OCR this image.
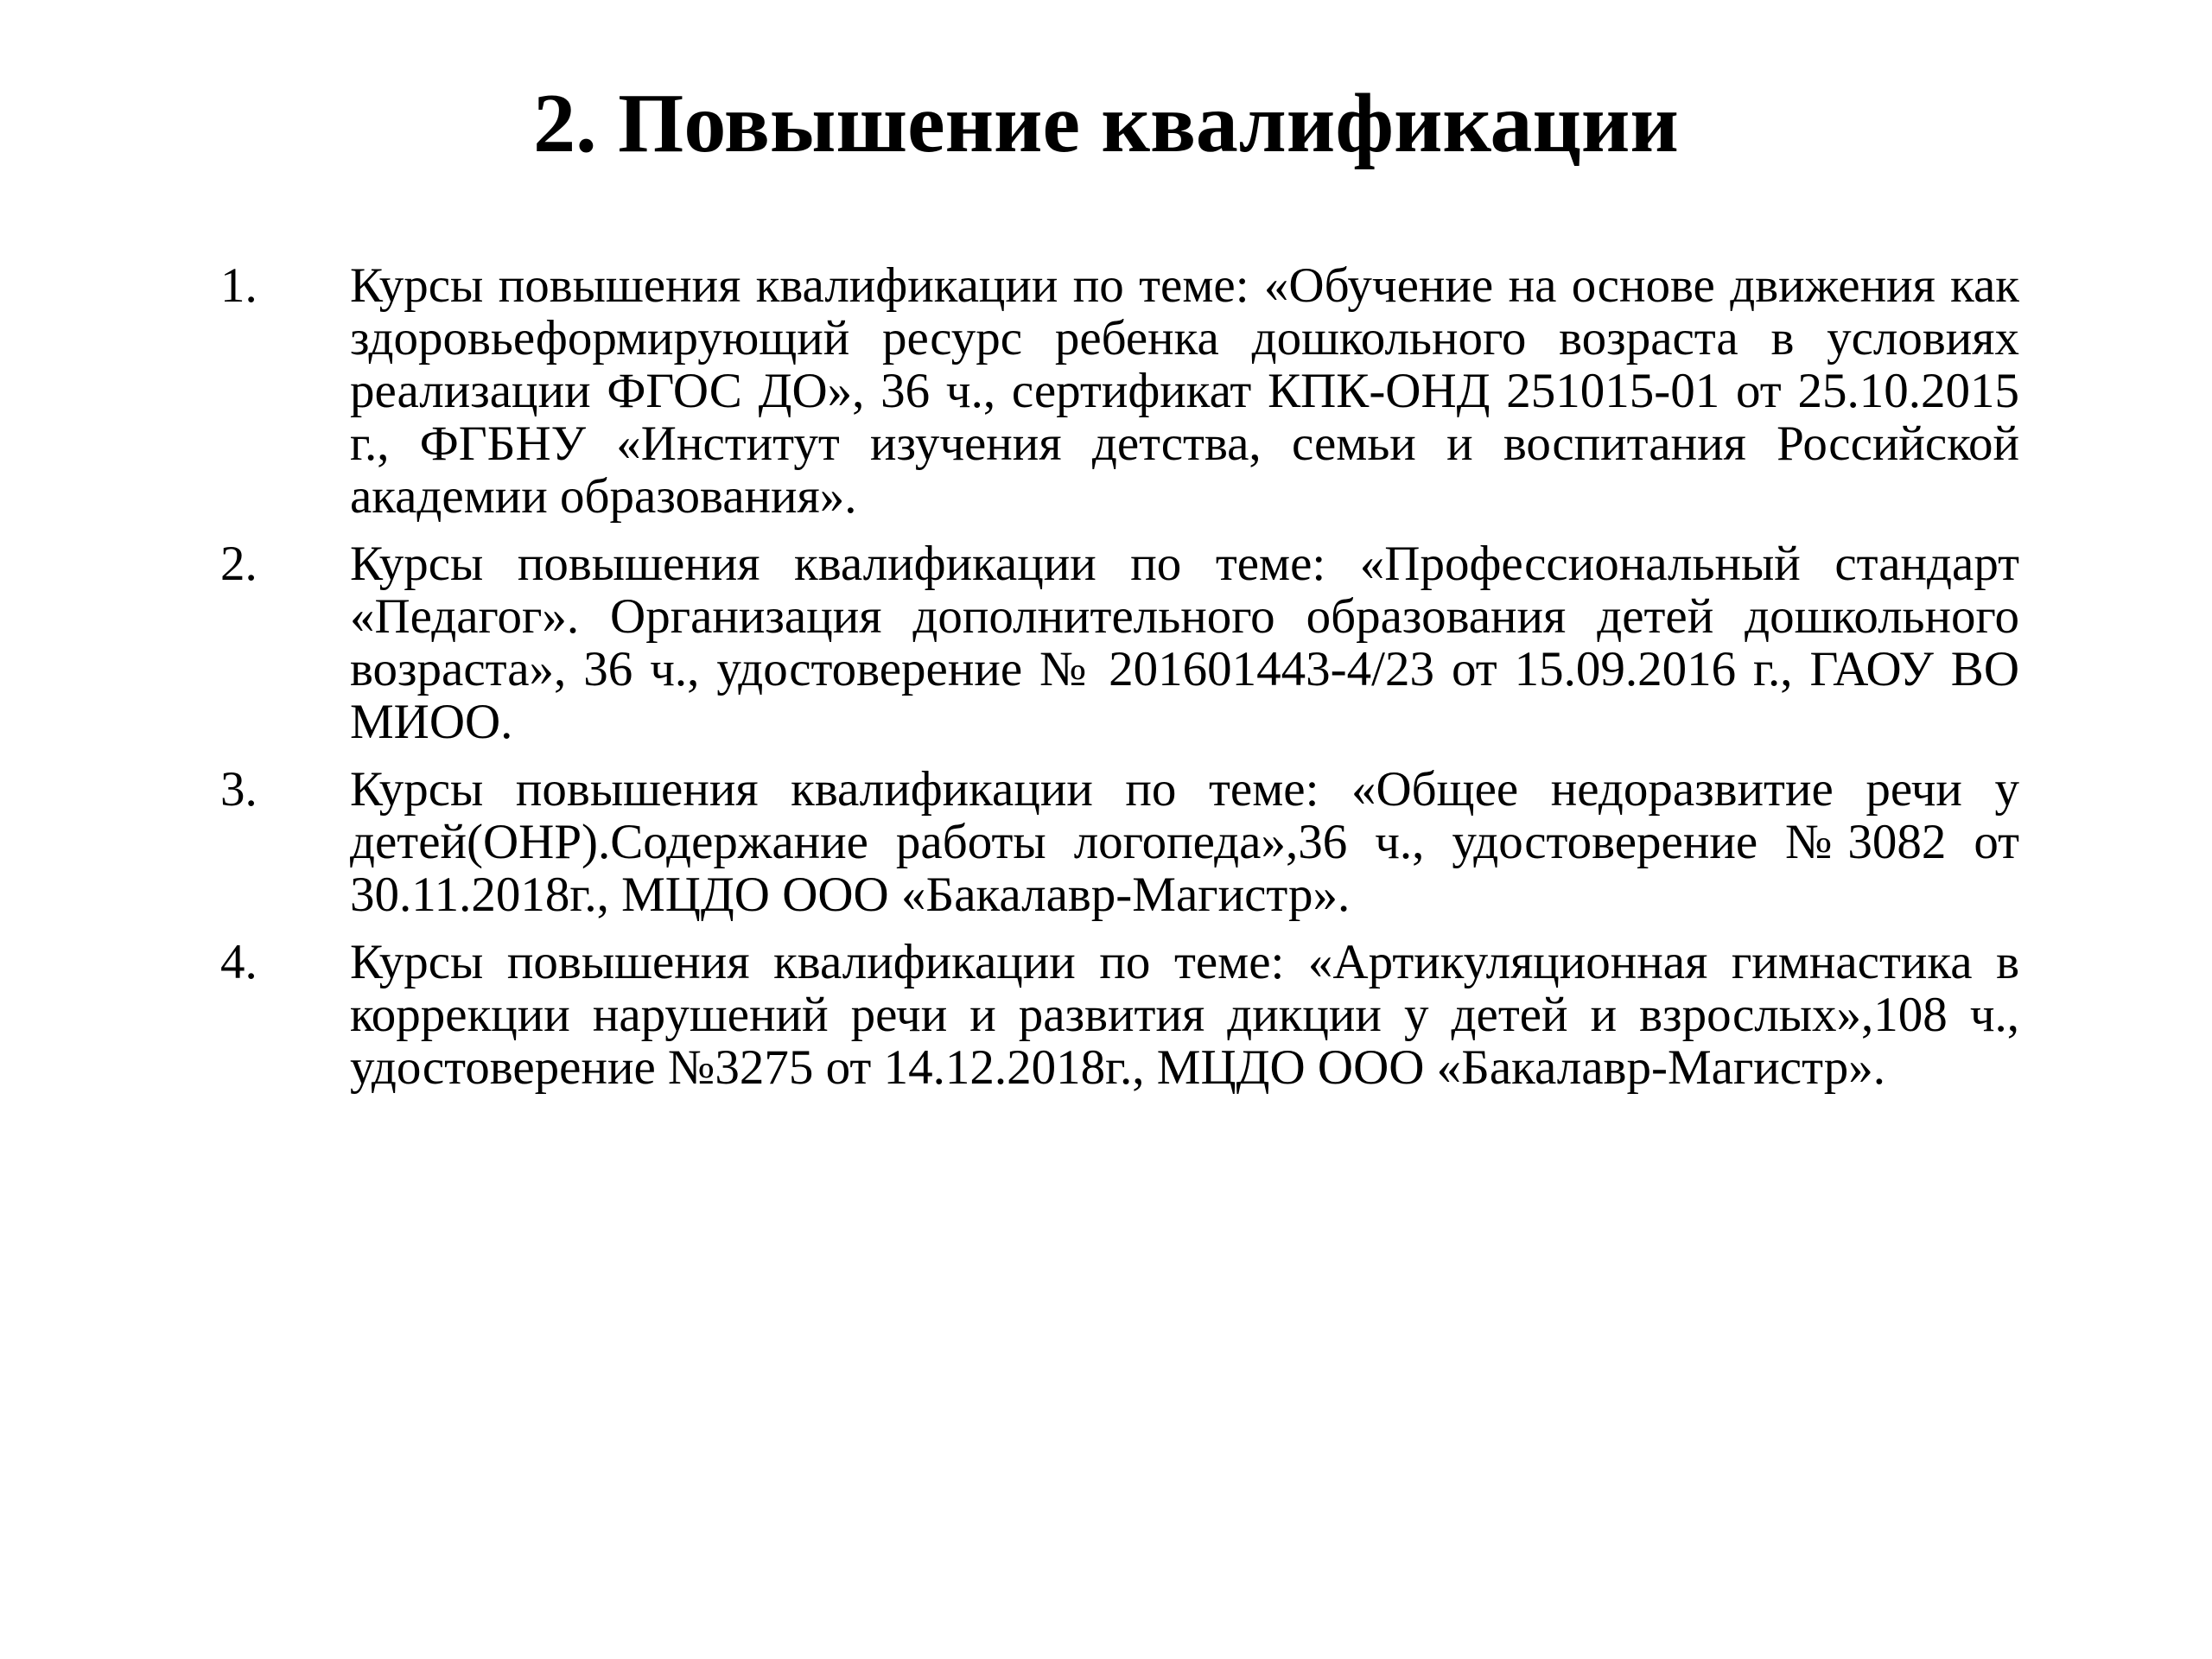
2. Повышение квалификации
1.	Курсы повышения квалификации по теме: «Обучение на основе движения как здоровьеформирующий ресурс ребенка дошкольного возраста в условиях реализации ФГОС ДО», 36 ч., сертификат КПК-ОНД 251015-01 от 25.10.2015 г., ФГБНУ «Институт изучения детства, семьи и воспитания Российской академии образования».
2.	Курсы повышения квалификации по теме: «Профессиональный стандарт «Педагог». Организация дополнительного образования детей дошкольного возраста», 36 ч., удостоверение № 201601443-4/23 от 15.09.2016 г., ГАОУ ВО МИОО.
3.	Курсы повышения квалификации по теме: «Общее недоразвитие речи у детей(ОНР).Содержание работы логопеда»,36 ч., удостоверение №3082 от 30.11.2018г., МЦДО ООО «Бакалавр-Магистр».
4.	Курсы повышения квалификации по теме: «Артикуляционная гимнастика в коррекции нарушений речи и развития дикции у детей и взрослых»,108 ч., удостоверение №3275 от 14.12.2018г., МЦДО ООО «Бакалавр-Магистр».
